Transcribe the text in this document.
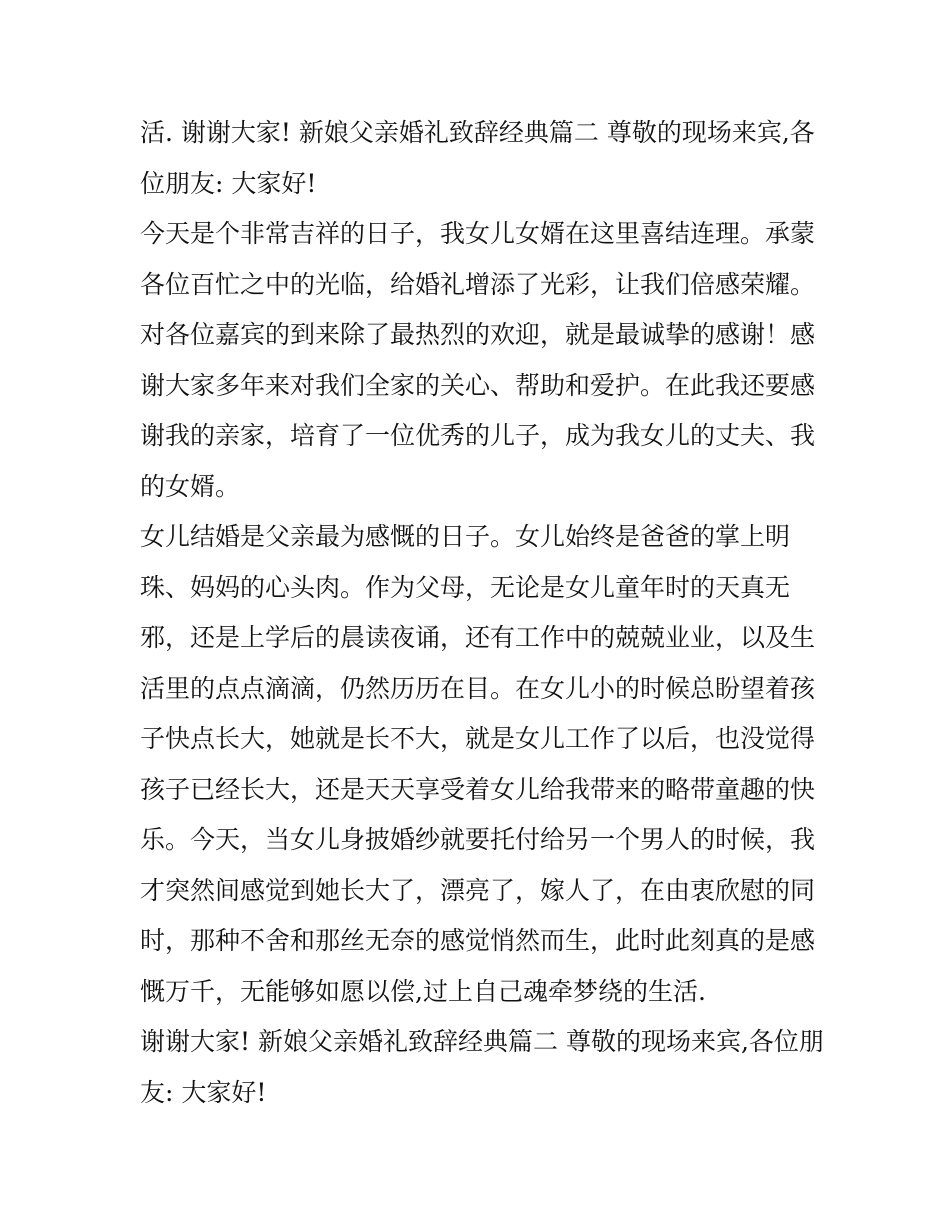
活. 谢谢大家! 新娘父亲婚礼致辞经典篇二 尊敬的现场来宾,各
位朋友: 大家好!

今天是个非常吉祥的日子，我女儿女婿在这里喜结连理。承蒙
各位百忙之中的光临，给婚礼增添了光彩，让我们倍感荣耀。
对各位嘉宾的到来除了最热烈的欢迎，就是最诚挚的感谢！感
谢大家多年来对我们全家的关心、帮助和爱护。在此我还要感
谢我的亲家，培育了一位优秀的儿子，成为我女儿的丈夫、我
的女婿。

女儿结婚是父亲最为感慨的日子。女儿始终是爸爸的掌上明
珠、妈妈的心头肉。作为父母，无论是女儿童年时的天真无
邪，还是上学后的晨读夜诵，还有工作中的兢兢业业，以及生
活里的点点滴滴，仍然历历在目。在女儿小的时候总盼望着孩
子快点长大，她就是长不大，就是女儿工作了以后，也没觉得
孩子已经长大，还是天天享受着女儿给我带来的略带童趣的快
乐。今天，当女儿身披婚纱就要托付给另一个男人的时候，我
才突然间感觉到她长大了，漂亮了，嫁人了，在由衷欣慰的同
时，那种不舍和那丝无奈的感觉悄然而生，此时此刻真的是感
慨万千，无能够如愿以偿,过上自己魂牵梦绕的生活.

谢谢大家! 新娘父亲婚礼致辞经典篇二 尊敬的现场来宾,各位朋
友: 大家好!
